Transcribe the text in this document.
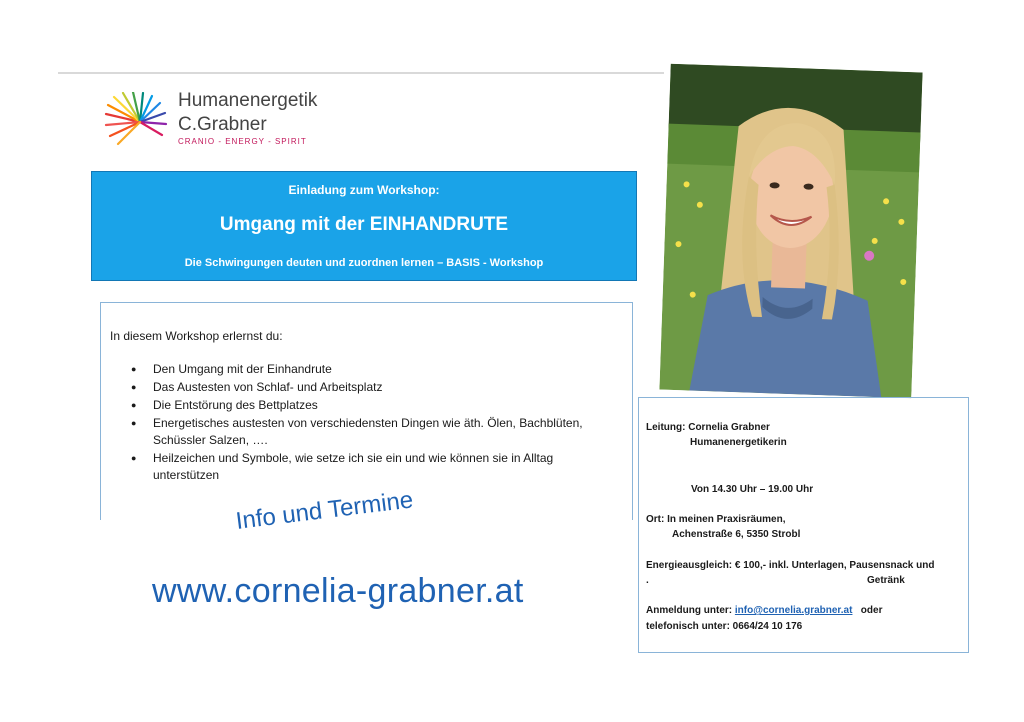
Humanenergetik
C.Grabner
CRANIO - ENERGY - SPIRIT
Einladung zum Workshop:
Umgang mit der EINHANDRUTE
Die Schwingungen deuten und zuordnen lernen – BASIS - Workshop
In diesem Workshop erlernst du:
● Den Umgang mit der Einhandrute
● Das Austesten von Schlaf- und Arbeitsplatz
● Die Entstörung des Bettplatzes
● Energetisches austesten von verschiedensten Dingen wie äth. Ölen, Bachblüten, Schüssler Salzen, ….
● Heilzeichen und Symbole, wie setze ich sie ein und wie können sie in Alltag unterstützen
Info und Termine
www.cornelia-grabner.at
Leitung: Cornelia Grabner
Humanenergetikerin
Von 14.30 Uhr – 19.00 Uhr
Ort: In meinen Praxisräumen,
Achenstraße 6, 5350 Strobl
Energieausgleich: € 100,- inkl. Unterlagen, Pausensnack und
.	Getränk
Anmeldung unter: info@cornelia.grabner.at oder
telefonisch unter: 0664/24 10 176
